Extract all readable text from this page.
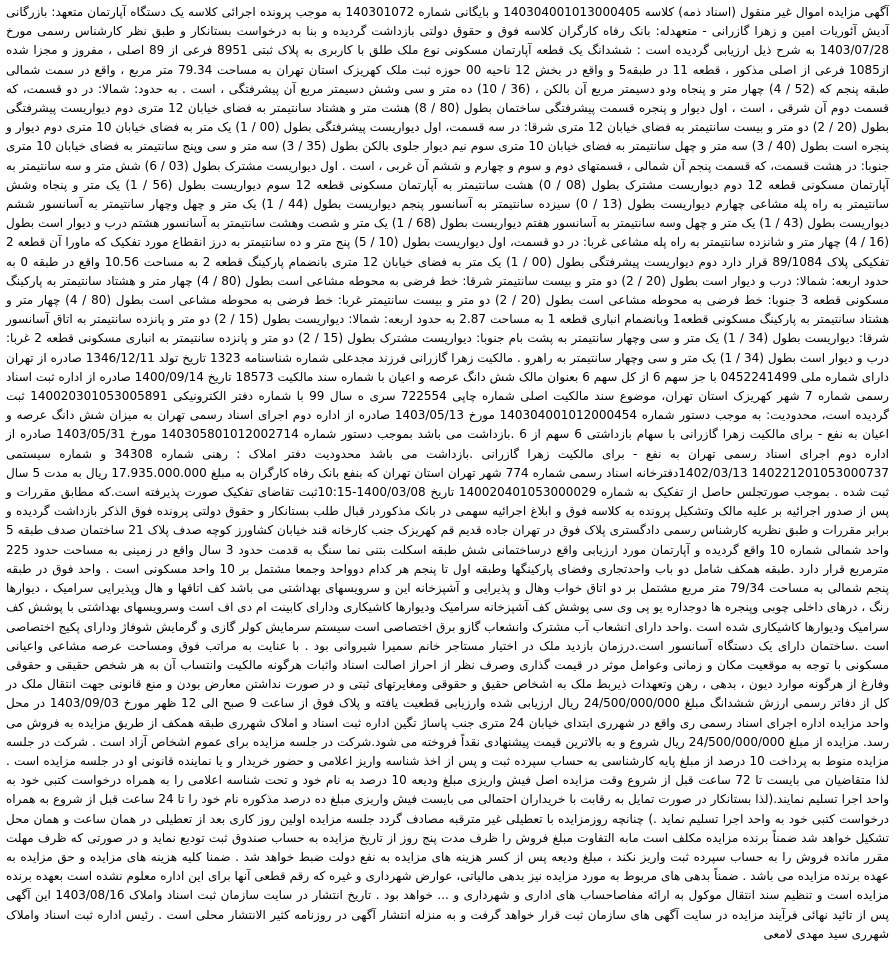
آگهی مزایده اموال غیر منقول (اسناد ذمه) کلاسه 140304001013000405 و بایگانی شماره 140301072 به موجب پرونده اجرائی کلاسه یک دستگاه آپارتمان متعهد: بازرگانی آدیش آئوریات امین و زهرا گازرانی - متعهدله: بانک رفاه کارگران کلاسه فوق و حقوق دولتی بازداشت گردیده و بنا به درخواست بستانکار و طبق نظر کارشناس رسمی مورخ 1403/07/28 به شرح ذیل ارزیابی گردیده است : ششدانگ یک قطعه آپارتمان مسکونی نوع ملک طلق با کاربری به پلاک ثبتی 8951 فرعی از 89 اصلی ، مفروز و مجزا شده از1085 فرعی از اصلی مذکور ، قطعه 11 در طبقه5 و واقع در بخش 12 ناحیه 00 حوزه ثبت ملک کهریزک استان تهران به مساحت 79.34 متر مربع ، واقع در سمت شمالی طبقه پنجم که (52 / 4) چهار متر و پنجاه ودو دسیمتر مربع آن بالکن ، (36 / 10) ده متر و سی وشش دسیمتر مربع آن پیشرفتگی ، است . به حدود: شمالا: در دو قسمت، که قسمت دوم آن شرقی ، است ، اول دیوار و پنجره قسمت پیشرفتگی ساختمان بطول (80 / 8) هشت متر و هشتاد سانتیمتر به فضای خیابان 12 متری دوم دیواریست پیشرفتگی بطول (20 / 2) دو متر و بیست سانتیمتر به فضای خیابان 12 متری شرقا: در سه قسمت، اول دیواریست پیشرفتگی بطول (00 / 1) یک متر به فضای خیابان 10 متری دوم دیوار و پنجره است بطول (40 / 3) سه متر و چهل سانتیمتر به فضای خیابان 10 متری سوم نیم دیوار جلوی بالکن بطول (35 / 3) سه متر و سی وپنج سانتیمتر به فضای خیابان 10 متری جنوبا: در هشت قسمت، که قسمت پنجم آن شمالی ، قسمتهای دوم و سوم و چهارم و ششم آن غربی ، است . اول دیواریست مشترک بطول (03 / 6) شش متر و سه سانتیمتر به آپارتمان مسکونی قطعه 12 دوم دیواریست مشترک بطول (08 / 0) هشت سانتیمتر به آپارتمان مسکونی قطعه 12 سوم دیواریست بطول (56 / 1) یک متر و پنجاه وشش سانتیمتر به راه پله مشاعی چهارم دیواریست بطول (13 / 0) سیزده سانتیمتر به آسانسور پنجم دیواریست بطول (44 / 1) یک متر و چهل وچهار سانتیمتر به آسانسور ششم دیواریست بطول (43 / 1) یک متر و چهل وسه سانتیمتر به آسانسور هفتم دیواریست بطول (68 / 1) یک متر و شصت وهشت سانتیمتر به آسانسور هشتم درب و دیوار است بطول (16 / 4) چهار متر و شانزده سانتیمتر به راه پله مشاعی غربا: در دو قسمت، اول دیواریست بطول (10 / 5) پنج متر و ده سانتیمتر به درز انقطاع مورد تفکیک که ماورا آن قطعه 2 تفکیکی پلاک 89/1084 قرار دارد دوم دیواریست پیشرفتگی بطول (00 / 1) یک متر به فضای خیابان 12 متری بانضمام پارکینگ قطعه 2 به مساحت 10.56 واقع در طبقه 0 به حدود اربعه: شمالا: درب و دیوار است بطول (20 / 2) دو متر و بیست سانتیمتر شرقا: خط فرضی به محوطه مشاعی است بطول (80 / 4) چهار متر و هشتاد سانتیمتر به پارکینگ مسکونی قطعه 3 جنوبا: خط فرضی به محوطه مشاعی است بطول (20 / 2) دو متر و بیست سانتیمتر غربا: خط فرضی به محوطه مشاعی است بطول (80 / 4) چهار متر و هشتاد سانتیمتر به پارکینگ مسکونی قطعه1 وبانضمام انباری قطعه 1 به مساحت 2.87 به حدود اربعه: شمالا: دیواریست بطول (15 / 2) دو متر و پانزده سانتیمتر به اتاق آسانسور شرقا: دیواریست بطول (34 / 1) یک متر و سی وچهار سانتیمتر به پشت بام جنوبا: دیواریست مشترک بطول (15 / 2) دو متر و پانزده سانتیمتر به انباری مسکونی قطعه 2 غربا: درب و دیوار است بطول (34 / 1) یک متر و سی وچهار سانتیمتر به راهرو . مالکیت زهرا گازرانی فرزند مجدعلی شماره شناسنامه 1323 تاریخ تولد 1346/12/11 صادره از تهران دارای شماره ملی 0452241499 با جز سهم 6 از کل سهم 6 بعنوان مالک شش دانگ عرصه و اعیان با شماره سند مالکیت 18573 تاریخ 1400/09/14 صادره از اداره ثبت اسناد رسمی شماره 7 شهر کهریزک استان تهران، موضوع سند مالکیت اصلی شماره چاپی 722554 سری ه سال 99 با شماره دفتر الکترونیکی 140020301053005891 ثبت گردیده است، محدودیت: به موجب دستور شماره 140304001012000454 مورخ 1403/05/13 صادره از اداره دوم اجرای اسناد رسمی تهران به میزان شش دانگ عرصه و اعیان به نفع - برای مالکیت زهرا گازرانی با سهام بازداشتی 6 سهم از 6 .بازداشت می باشد بموجب دستور شماره 140305801012002714 مورخ 1403/05/31 صادره از اداره دوم اجرای اسناد رسمی تهران به نفع - برای مالکیت زهرا گازرانی .بازداشت می باشد محدودیت دفتر املاک : رهنی شماره 34308 و شماره سیستمی 140221201053000737 1402/03/13دفترخانه اسناد رسمی شماره 774 شهر تهران استان تهران که بنفع بانک رفاه کارگران به مبلغ 17.935.000.000 ریال به مدت 5 سال ثبت شده . بموجب صورتجلس حاصل از تفکیک به شماره 140020401053000029 تاریخ 1400/03/08-10:15ثبت تقاضای تفکیک صورت پذیرفته است.که مطابق مقررات و پس از صدور اجرائیه بر علیه مالک وتشکیل پرونده به کلاسه فوق و ابلاغ اجرائیه سهمی در بانک مذکوردر قبال طلب بستانکار و حقوق دولتی پرونده فوق الذکر بازداشت گردیده و برابر مقررات و طبق نظریه کارشناس رسمی دادگستری پلاک فوق در تهران جاده قدیم قم کهریزک جنب کارخانه قند خیابان کشاورز کوچه صدف پلاک 21 ساختمان صدف طبقه 5 واحد شمالی شماره 10 واقع گردیده و آپارتمان مورد ارزیابی واقع درساختمانی شش طبقه اسکلت بتنی نما سنگ به قدمت حدود 3 سال واقع در زمینی به مساحت حدود 225 مترمربع قرار دارد .طبقه همکف شامل دو باب واحدتجاری وفضای پارکینگها وطبقه اول تا پنجم هر کدام دوواحد وجمعا مشتمل بر 10 واحد مسکونی است . واحد فوق در طبقه پنجم شمالی به مساحت 79/34 متر مربع مشتمل بر دو اتاق خواب وهال و پذیرایی و آشپزخانه این و سرویسهای بهداشتی می باشد کف اتاقها و هال وپذیرایی سرامیک ، دیوارها رنگ ، درهای داخلی چوبی وپنجره ها دوجداره یو پی وی سی پوشش کف آشپزخانه سرامیک ودیوارها کاشیکاری ودارای کابینت ام دی اف است وسرویسهای بهداشتی با پوشش کف سرامیک ودیوارها کاشیکاری شده است .واحد دارای انشعاب آب مشترک وانشعاب گازو برق اختصاصی است سیستم سرمایش کولر گازی و گرمایش شوفاژ ودارای پکیج اختصاصی است .ساختمان دارای یک دستگاه آسانسور است.درزمان بازدید ملک در اختیار مستاجر خانم سمیرا شیروانی بود . با عنایت به مراتب فوق ومساحت عرصه مشاعی واعیانی مسکونی با توجه به موقعیت مکان و زمانی وعوامل موثر در قیمت گذاری وصرف نظر از احراز اصالت اسناد واثبات هرگونه مالکیت وانتساب آن به هر شخص حقیقی و حقوقی وفارغ از هرگونه موارد دیون ، بدهی ، رهن وتعهدات ذیربط ملک به اشخاص حقیق و حقوقی ومغایرتهای ثبتی و در صورت نداشتن معارض بودن و منع قانونی جهت انتقال ملک در کل از دفاتر رسمی ارزش ششدانگ مبلغ 24/500/000/000 ریال ارزیابی شده وارزیابی قطعیت یافته و پلاک فوق از ساعت 9 صبح الی 12 ظهر مورخ 1403/09/03 در محل واحد مزایده اداره اجرای اسناد رسمی ری واقع در شهرری ابتدای خیابان 24 متری جنب پاساژ تگین اداره ثبت اسناد و املاک شهرری طبقه همکف از طریق مزایده به فروش می رسد. مزایده از مبلغ 24/500/000/000 ریال شروع و به بالاترین قیمت پیشنهادی نقداً فروخته می شود.شرکت در جلسه مزایده برای عموم اشخاص آزاد است . شرکت در جلسه مزایده منوط به پرداخت 10 درصد از مبلغ پایه کارشناسی به حساب سپرده ثبت و پس از اخذ شناسه واریز اعلامی و حضور خریدار و یا نماینده قانونی او در جلسه مزایده است . لذا متقاضیان می بایست تا 72 ساعت قبل از شروع وقت مزایده اصل فیش واریزی مبلغ ودیعه 10 درصد به نام خود و تحت شناسه اعلامی را به همراه درخواست کتبی خود به واحد اجرا تسلیم نمایند.(لذا بستانکار در صورت تمایل به رقابت با خریداران احتمالی می بایست فیش واریزی مبلغ ده درصد مذکوره نام خود را تا 24 ساعت قبل از شروع به همراه درخواست کتبی خود به واحد اجرا تسلیم نماید .) چنانچه روزمزایده با تعطیلی غیر مترقبه مصادف گردد جلسه مزایده اولین روز کاری بعد از تعطیلی در همان ساعت و همان محل تشکیل خواهد شد ضمناً برنده مزایده مکلف است مابه التفاوت مبلغ فروش را ظرف مدت پنج روز از تاریخ مزایده به حساب صندوق ثبت تودیع نماید و در صورتی که ظرف مهلت مقرر مانده فروش را به حساب سپرده ثبت واریز نکند ، مبلغ ودیعه پس از کسر هزینه های مزایده به نفع دولت ضبط خواهد شد . ضمنا کلیه هزینه های مزایده و حق مزایده به عهده برنده مزایده می باشد . ضمناً بدهی های مربوط به مورد مزایده نیز بدهی مالیاتی، عوارض شهرداری و غیره که رقم قطعی آنها برای این اداره معلوم نشده است بعهده برنده مزایده است و تنظیم سند انتقال موکول به ارائه مفاصاحساب های اداری و شهرداری و ... خواهد بود . تاریخ انتشار در سایت سازمان ثبت اسناد واملاک 1403/08/16 این آگهی پس از تائید نهائی فرآیند مزایده در سایت آگهی های سازمان ثبت قرار خواهد گرفت و به منزله انتشار آگهی در روزنامه کثیر الانتشار محلی است . رئیس اداره ثبت اسناد واملاک شهرری سید مهدی لامعی
